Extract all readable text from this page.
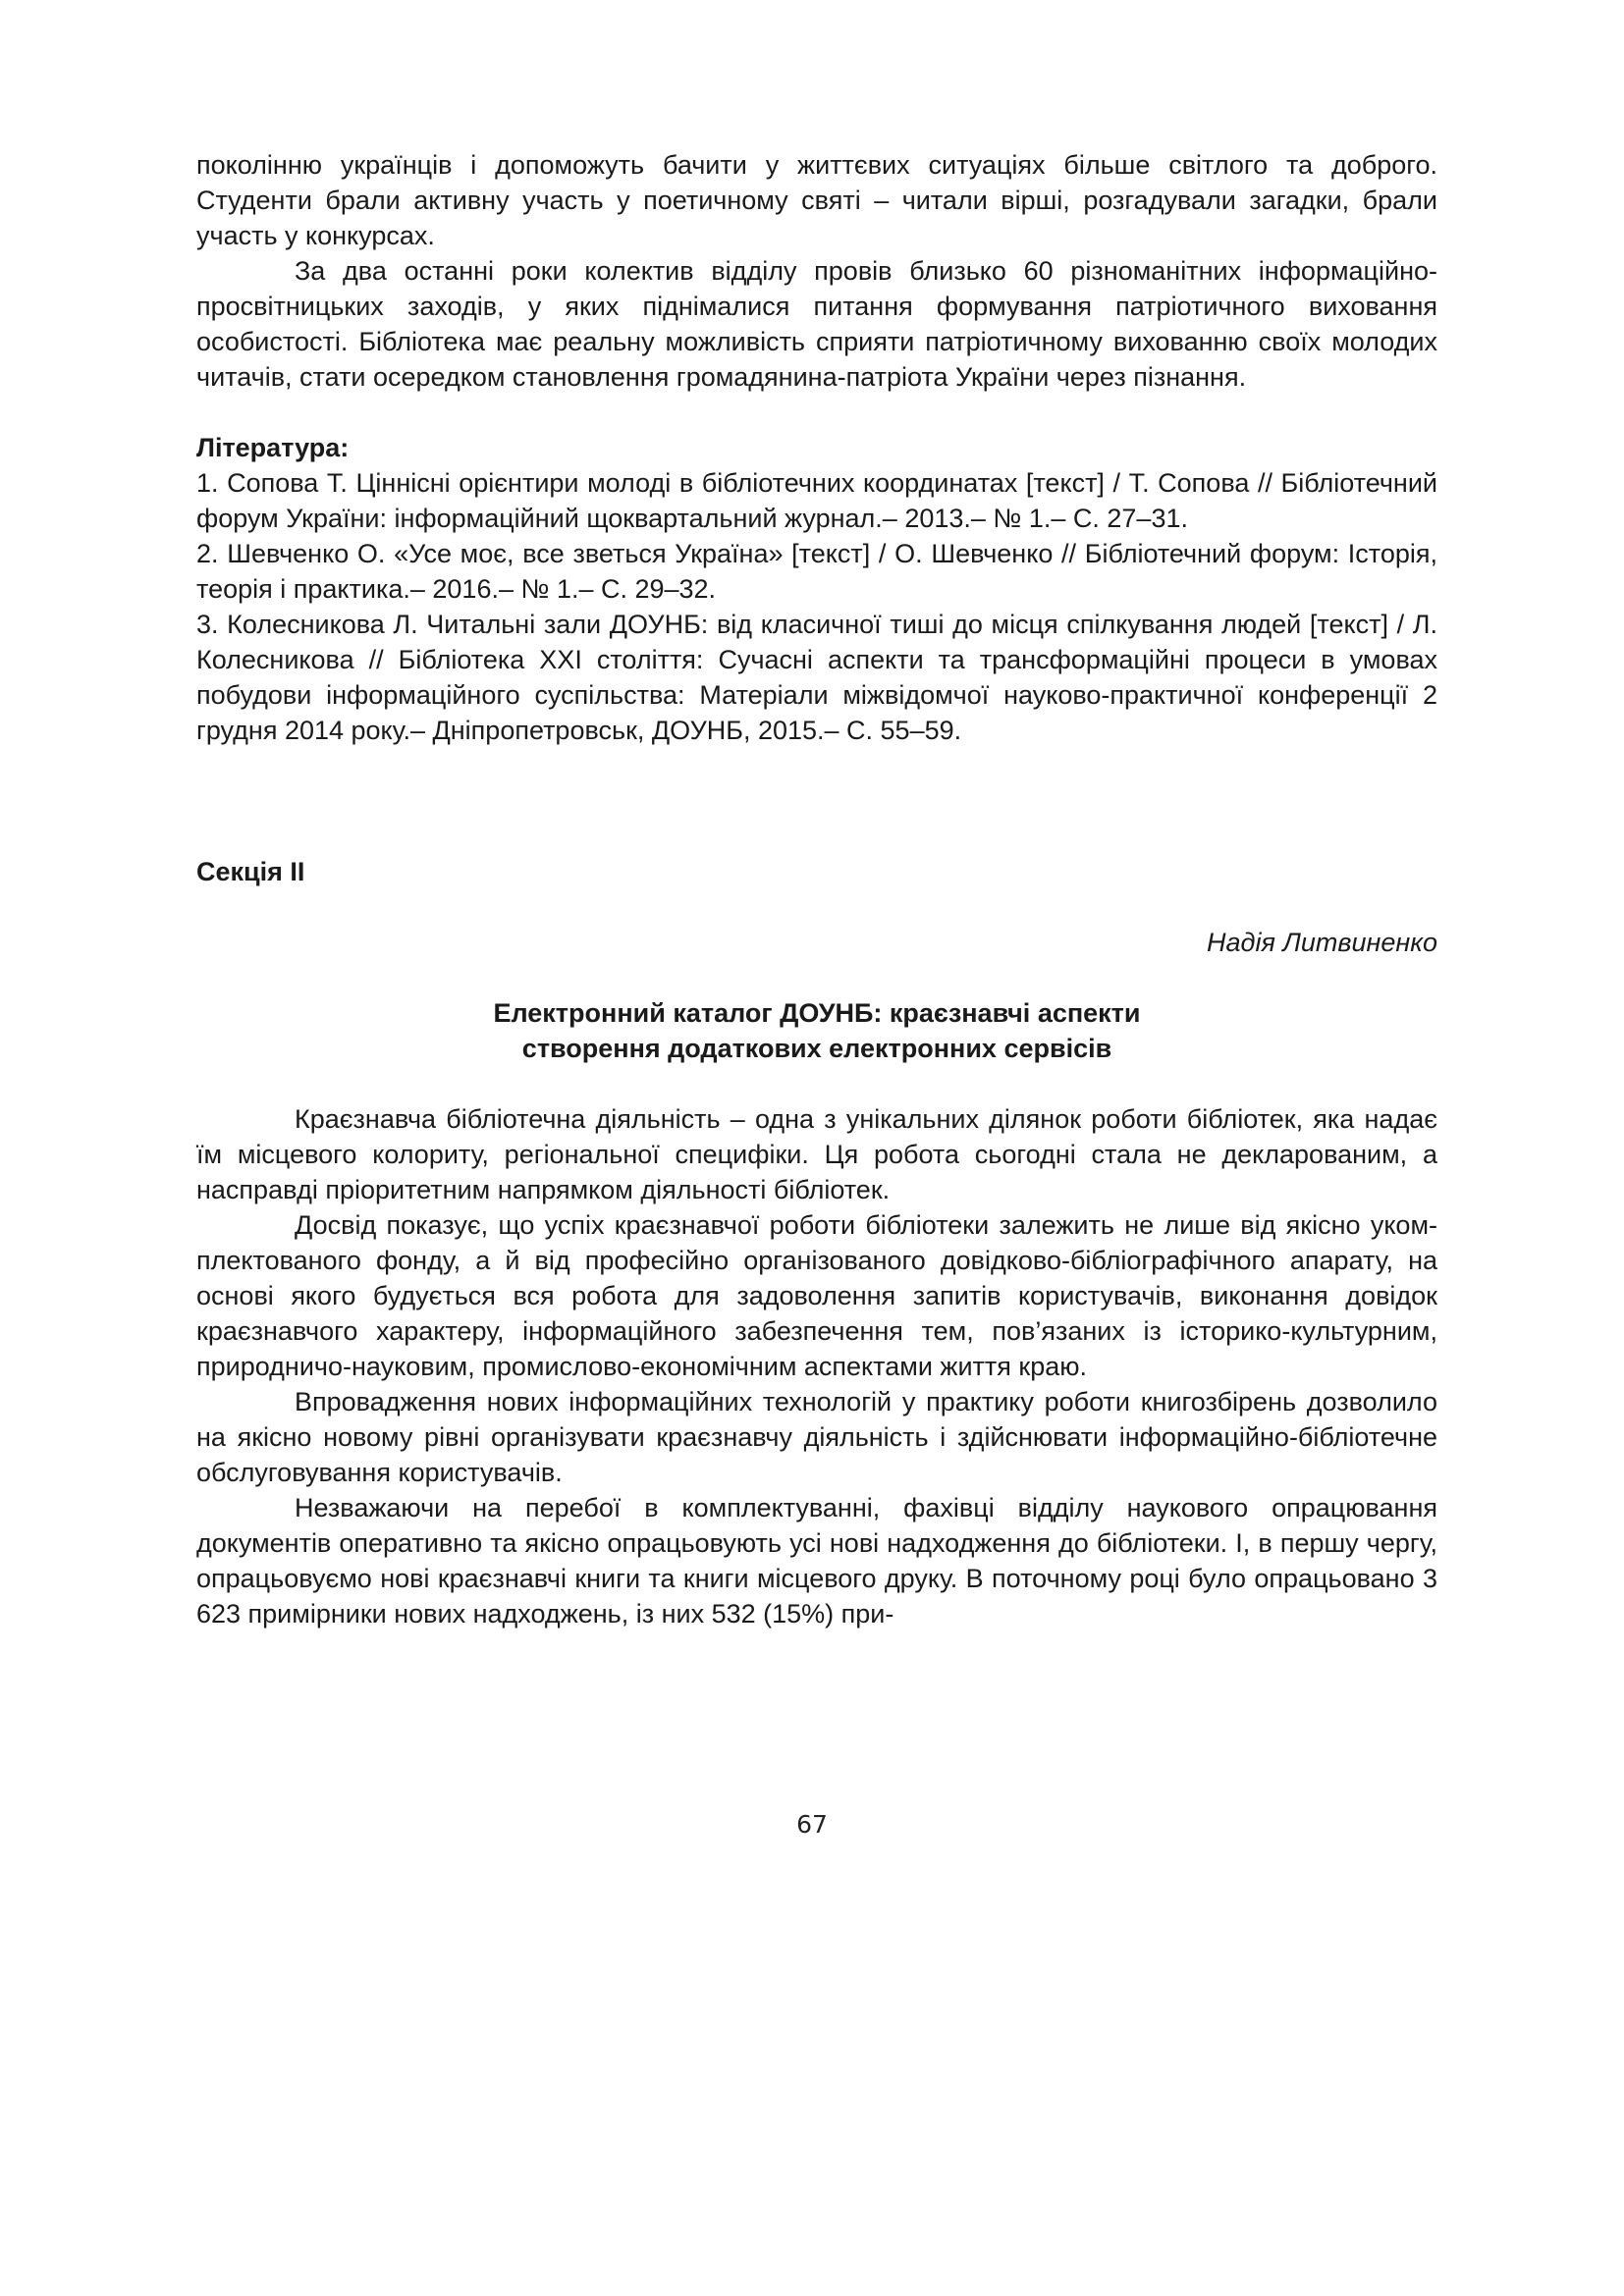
поколінню українців і допоможуть бачити у життєвих ситуаціях більше світлого та доброго. Студенти брали активну участь у поетичному святі – читали вірші, розгадували загадки, брали участь у конкурсах.

За два останні роки колектив відділу провів близько 60 різноманітних інформаційно-просвітницьких заходів, у яких піднімалися питання формування патріотичного виховання особистості. Бібліотека має реальну можливість сприяти патріотичному вихованню своїх молодих читачів, стати осередком становлення громадянина-патріота України через пізнання.

Література:

1. Сопова Т. Ціннісні орієнтири молоді в бібліотечних координатах [текст] / Т. Сопова // Бібліотечний форум України: інформаційний щоквартальний журнал.– 2013.– № 1.– С. 27–31.

2. Шевченко О. «Усе моє, все зветься Україна» [текст] / О. Шевченко // Бібліотечний форум: Історія, теорія і практика.– 2016.– № 1.– С. 29–32.

3. Колесникова Л. Читальні зали ДОУНБ: від класичної тиші до місця спілкування людей [текст] / Л. Колесникова // Бібліотека XXI століття: Сучасні аспекти та трансформаційні процеси в умовах побудови інформаційного суспільства: Матеріали міжвідомчої науково-практичної конференції 2 грудня 2014 року.– Дніпропетровськ, ДОУНБ, 2015.– С. 55–59.

Секція ІІ

Надія Литвиненко

Електронний каталог ДОУНБ: краєзнавчі аспекти

створення додаткових електронних сервісів

Краєзнавча бібліотечна діяльність – одна з унікальних ділянок роботи бібліотек, яка надає їм місцевого колориту, регіональної специфіки. Ця робота сьогодні стала не декларованим, а насправді пріоритетним напрямком діяльності бібліотек.

Досвід показує, що успіх краєзнавчої роботи бібліотеки залежить не лише від якісно уком-плектованого фонду, а й від професійно організованого довідково-бібліографічного апарату, на основі якого будується вся робота для задоволення запитів користувачів, виконання довідок краєзнавчого характеру, інформаційного забезпечення тем, пов’язаних із історико-культурним, природничо-науковим, промислово-економічним аспектами життя краю.

Впровадження нових інформаційних технологій у практику роботи книгозбірень дозволило на якісно новому рівні організувати краєзнавчу діяльність і здійснювати інформаційно-бібліотечне обслуговування користувачів.

Незважаючи на перебої в комплектуванні, фахівці відділу наукового опрацювання документів оперативно та якісно опрацьовують усі нові надходження до бібліотеки. І, в першу чергу, опрацьовуємо нові краєзнавчі книги та книги місцевого друку. В поточному році було опрацьовано 3 623 примірники нових надходжень, із них 532 (15%) при-

67
